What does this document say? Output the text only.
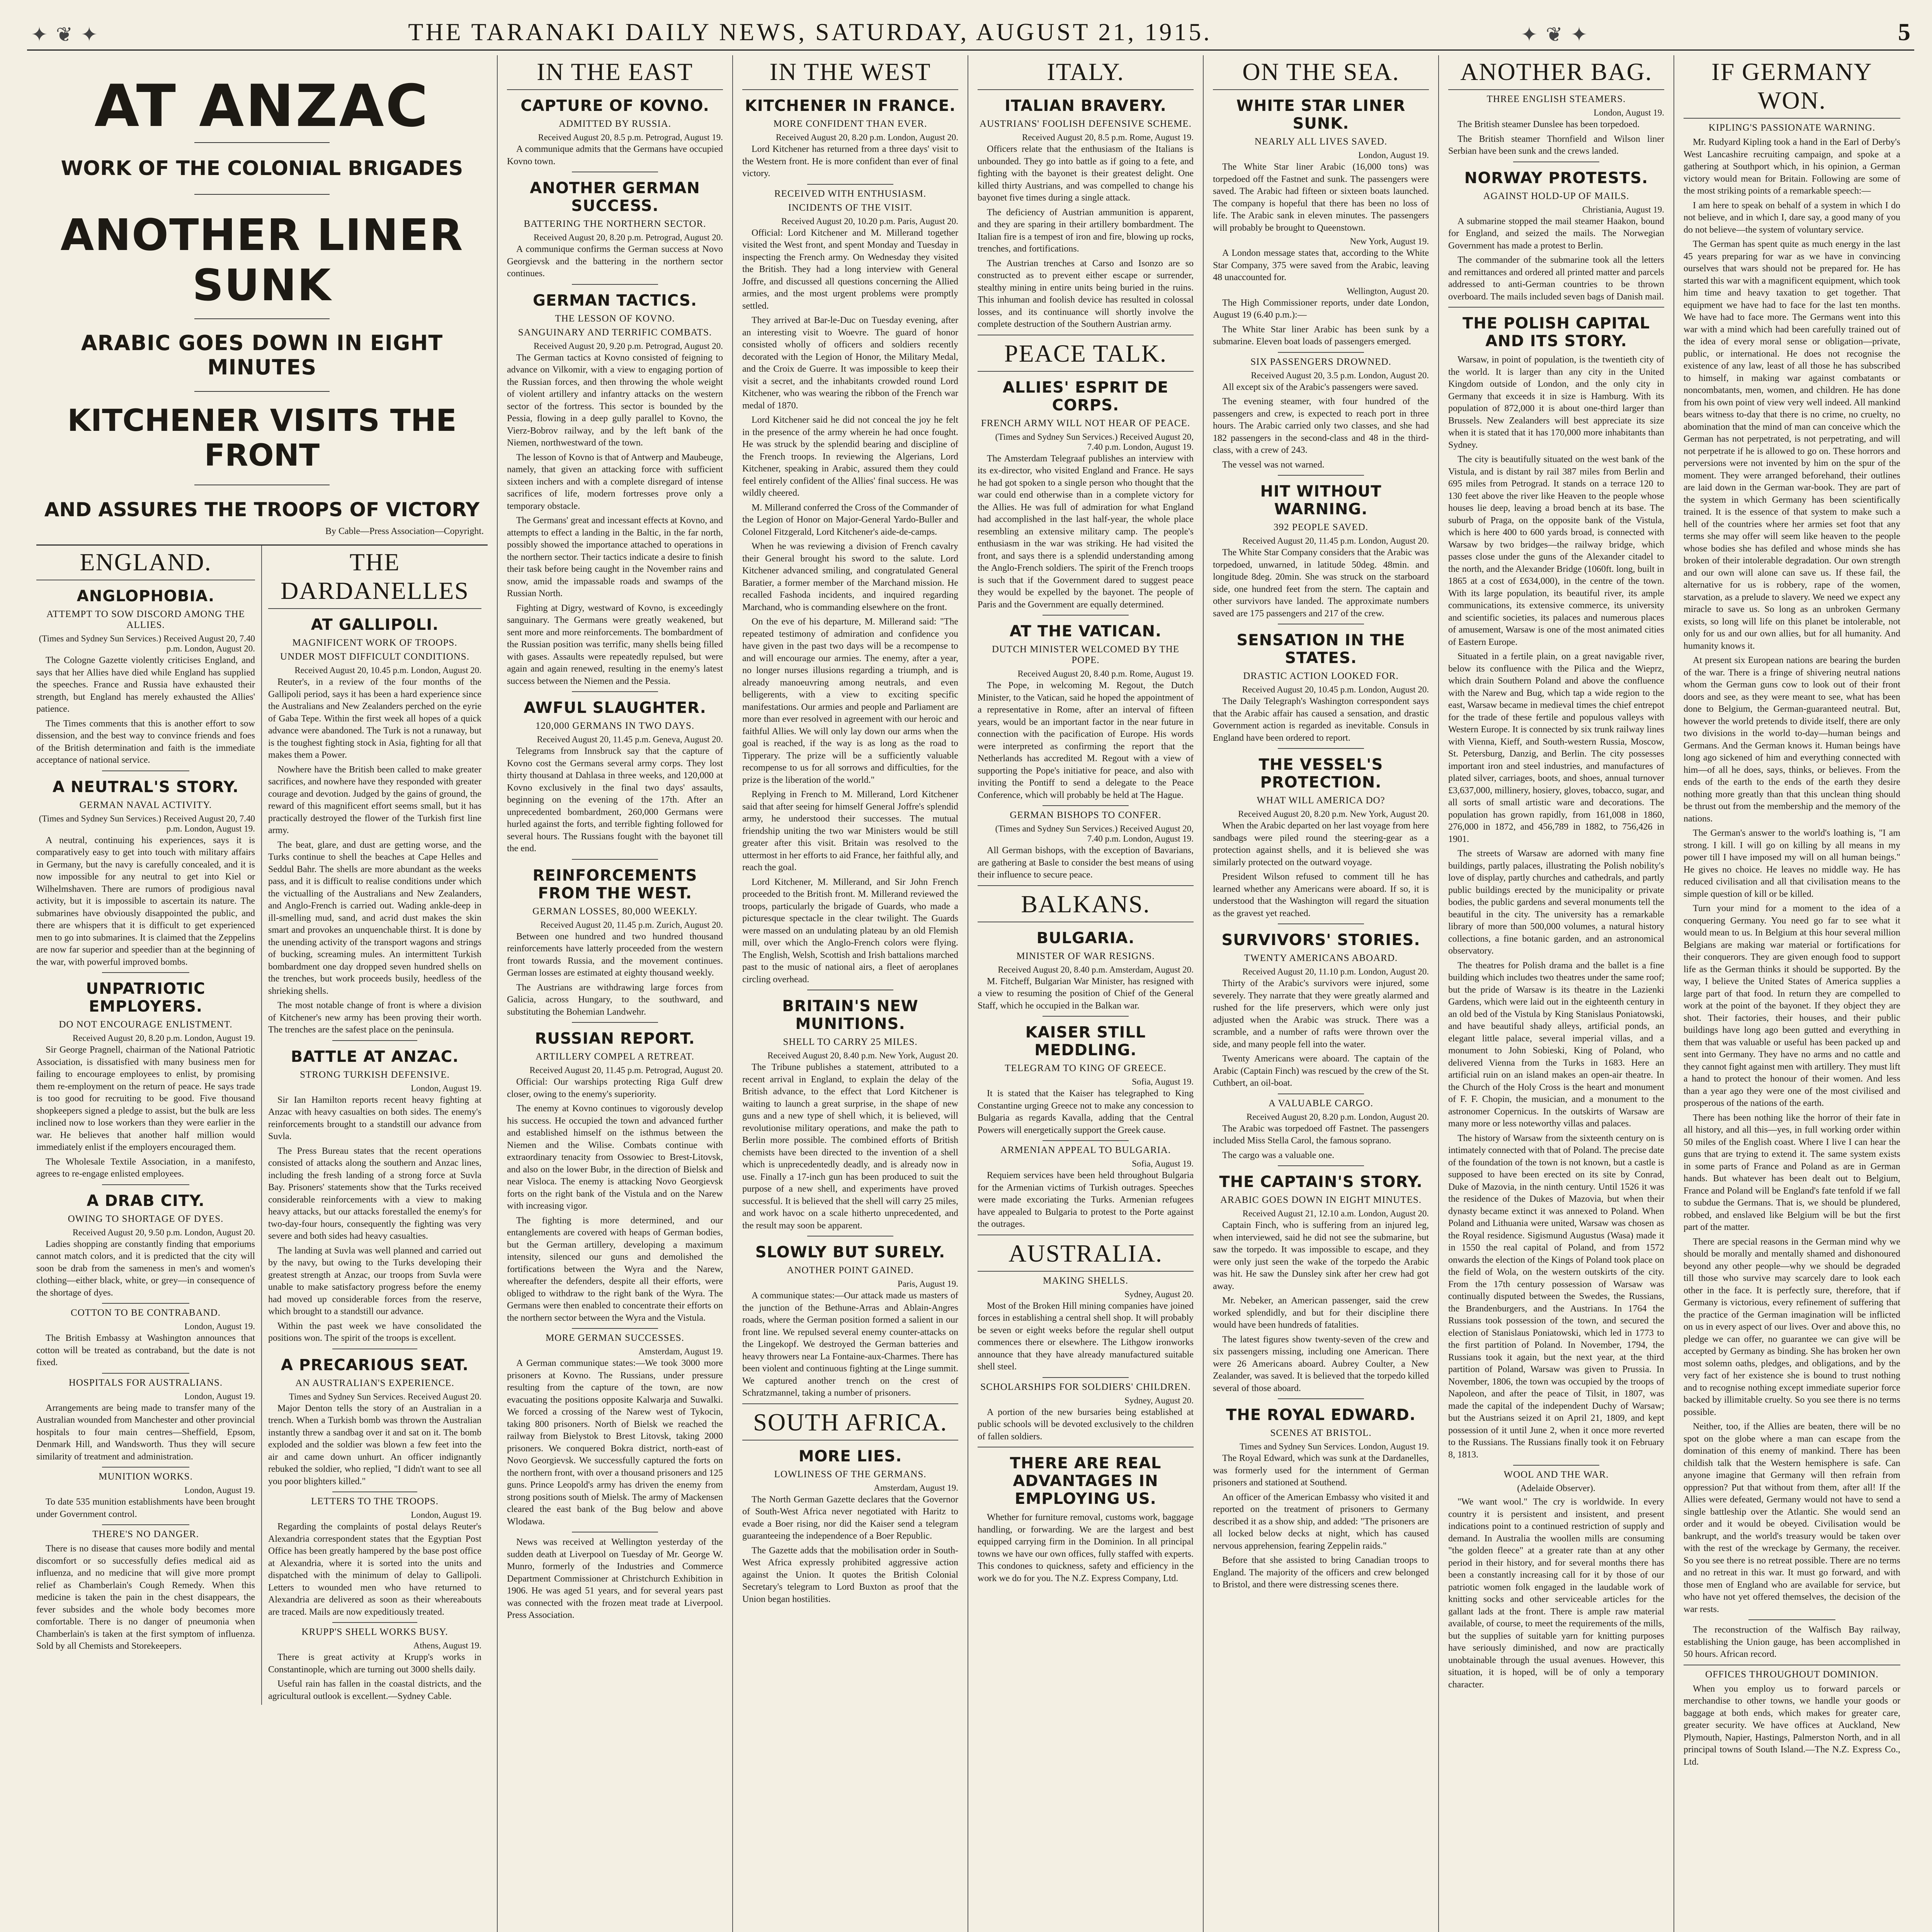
✦ ❦ ✦	THE TARANAKI DAILY NEWS, SATURDAY, AUGUST 21, 1915.	✦ ❦ ✦	5
AT ANZAC
WORK OF THE COLONIAL BRIGADES
ANOTHER LINER SUNK
ARABIC GOES DOWN IN EIGHT MINUTES
KITCHENER VISITS THE FRONT
AND ASSURES THE TROOPS OF VICTORY
By Cable—Press Association—Copyright.
ENGLAND.
ANGLOPHOBIA.
ATTEMPT TO SOW DISCORD AMONG THE ALLIES.
(Times and Sydney Sun Services.) Received August 20, 7.40 p.m. London, August 20.

The Cologne Gazette violently criticises England, and says that her Allies have died while England has supplied the speeches. France and Russia have exhausted their strength, but England has merely exhausted the Allies' patience.

The Times comments that this is another effort to sow dissension, and the best way to convince friends and foes of the British determination and faith is the immediate acceptance of national service.

A NEUTRAL'S STORY.
GERMAN NAVAL ACTIVITY.
(Times and Sydney Sun Services.) Received August 20, 7.40 p.m. London, August 19.

A neutral, continuing his experiences, says it is comparatively easy to get into touch with military affairs in Germany, but the navy is carefully concealed, and it is now impossible for any neutral to get into Kiel or Wilhelmshaven. There are rumors of prodigious naval activity, but it is impossible to ascertain its nature. The submarines have obviously disappointed the public, and there are whispers that it is difficult to get experienced men to go into submarines. It is claimed that the Zeppelins are now far superior and speedier than at the beginning of the war, with powerful improved bombs.

UNPATRIOTIC EMPLOYERS.
DO NOT ENCOURAGE ENLISTMENT.
Received August 20, 8.20 p.m. London, August 19.

Sir George Pragnell, chairman of the National Patriotic Association, is dissatisfied with many business men for failing to encourage employees to enlist, by promising them re-employment on the return of peace. He says trade is too good for recruiting to be good. Five thousand shopkeepers signed a pledge to assist, but the bulk are less inclined now to lose workers than they were earlier in the war. He believes that another half million would immediately enlist if the employers encouraged them.

The Wholesale Textile Association, in a manifesto, agrees to re-engage enlisted employees.

A DRAB CITY.
OWING TO SHORTAGE OF DYES.
Received August 20, 9.50 p.m. London, August 20.

Ladies shopping are constantly finding that emporiums cannot match colors, and it is predicted that the city will soon be drab from the sameness in men's and women's clothing—either black, white, or grey—in consequence of the shortage of dyes.

COTTON TO BE CONTRABAND.
London, August 19.

The British Embassy at Washington announces that cotton will be treated as contraband, but the date is not fixed.

HOSPITALS FOR AUSTRALIANS.
London, August 19.

Arrangements are being made to transfer many of the Australian wounded from Manchester and other provincial hospitals to four main centres—Sheffield, Epsom, Denmark Hill, and Wandsworth. Thus they will secure similarity of treatment and administration.

MUNITION WORKS.
London, August 19.

To date 535 munition establishments have been brought under Government control.

THERE'S NO DANGER.

There is no disease that causes more bodily and mental discomfort or so successfully defies medical aid as influenza, and no medicine that will give more prompt relief as Chamberlain's Cough Remedy. When this medicine is taken the pain in the chest disappears, the fever subsides and the whole body becomes more comfortable. There is no danger of pneumonia when Chamberlain's is taken at the first symptom of influenza. Sold by all Chemists and Storekeepers.

THE DARDANELLES
AT GALLIPOLI.
MAGNIFICENT WORK OF TROOPS.
UNDER MOST DIFFICULT CONDITIONS.
Received August 20, 10.45 p.m. London, August 20.

Reuter's, in a review of the four months of the Gallipoli period, says it has been a hard experience since the Australians and New Zealanders perched on the eyrie of Gaba Tepe. Within the first week all hopes of a quick advance were abandoned. The Turk is not a runaway, but is the toughest fighting stock in Asia, fighting for all that makes them a Power.

Nowhere have the British been called to make greater sacrifices, and nowhere have they responded with greater courage and devotion. Judged by the gains of ground, the reward of this magnificent effort seems small, but it has practically destroyed the flower of the Turkish first line army.

The beat, glare, and dust are getting worse, and the Turks continue to shell the beaches at Cape Helles and Seddul Bahr. The shells are more abundant as the weeks pass, and it is difficult to realise conditions under which the victualling of the Australians and New Zealanders, and Anglo-French is carried out. Wading ankle-deep in ill-smelling mud, sand, and acrid dust makes the skin smart and provokes an unquenchable thirst. It is done by the unending activity of the transport wagons and strings of bucking, screaming mules. An intermittent Turkish bombardment one day dropped seven hundred shells on the trenches, but work proceeds busily, heedless of the shrieking shells.

The most notable change of front is where a division of Kitchener's new army has been proving their worth. The trenches are the safest place on the peninsula.

BATTLE AT ANZAC.
STRONG TURKISH DEFENSIVE.
London, August 19.

Sir Ian Hamilton reports recent heavy fighting at Anzac with heavy casualties on both sides. The enemy's reinforcements brought to a standstill our advance from Suvla.

The Press Bureau states that the recent operations consisted of attacks along the southern and Anzac lines, including the fresh landing of a strong force at Suvla Bay. Prisoners' statements show that the Turks received considerable reinforcements with a view to making heavy attacks, but our attacks forestalled the enemy's for two-day-four hours, consequently the fighting was very severe and both sides had heavy casualties.

The landing at Suvla was well planned and carried out by the navy, but owing to the Turks developing their greatest strength at Anzac, our troops from Suvla were unable to make satisfactory progress before the enemy had moved up considerable forces from the reserve, which brought to a standstill our advance.

Within the past week we have consolidated the positions won. The spirit of the troops is excellent.

A PRECARIOUS SEAT.
AN AUSTRALIAN'S EXPERIENCE.
Times and Sydney Sun Services. Received August 20.

Major Denton tells the story of an Australian in a trench. When a Turkish bomb was thrown the Australian instantly threw a sandbag over it and sat on it. The bomb exploded and the soldier was blown a few feet into the air and came down unhurt. An officer indignantly rebuked the soldier, who replied, "I didn't want to see all you poor blighters killed."

LETTERS TO THE TROOPS.
London, August 19.

Regarding the complaints of postal delays Reuter's Alexandria correspondent states that the Egyptian Post Office has been greatly hampered by the base post office at Alexandria, where it is sorted into the units and dispatched with the minimum of delay to Gallipoli. Letters to wounded men who have returned to Alexandria are delivered as soon as their whereabouts are traced. Mails are now expeditiously treated.

KRUPP'S SHELL WORKS BUSY.
Athens, August 19.

There is great activity at Krupp's works in Constantinople, which are turning out 3000 shells daily.

Useful rain has fallen in the coastal districts, and the agricultural outlook is excellent.—Sydney Cable.

IN THE EAST
CAPTURE OF KOVNO.
ADMITTED BY RUSSIA.
Received August 20, 8.5 p.m. Petrograd, August 19.

A communique admits that the Germans have occupied Kovno town.

ANOTHER GERMAN SUCCESS.
BATTERING THE NORTHERN SECTOR.
Received August 20, 8.20 p.m. Petrograd, August 20.

A communique confirms the German success at Novo Georgievsk and the battering in the northern sector continues.

GERMAN TACTICS.
THE LESSON OF KOVNO.
SANGUINARY AND TERRIFIC COMBATS.
Received August 20, 9.20 p.m. Petrograd, August 20.

The German tactics at Kovno consisted of feigning to advance on Vilkomir, with a view to engaging portion of the Russian forces, and then throwing the whole weight of violent artillery and infantry attacks on the western sector of the fortress. This sector is bounded by the Pessia, flowing in a deep gully parallel to Kovno, the Vierz-Bobrov railway, and by the left bank of the Niemen, northwestward of the town.

The lesson of Kovno is that of Antwerp and Maubeuge, namely, that given an attacking force with sufficient sixteen inchers and with a complete disregard of intense sacrifices of life, modern fortresses prove only a temporary obstacle.

The Germans' great and incessant effects at Kovno, and attempts to effect a landing in the Baltic, in the far north, possibly showed the importance attached to operations in the northern sector. Their tactics indicate a desire to finish their task before being caught in the November rains and snow, amid the impassable roads and swamps of the Russian North.

Fighting at Digry, westward of Kovno, is exceedingly sanguinary. The Germans were greatly weakened, but sent more and more reinforcements. The bombardment of the Russian position was terrific, many shells being filled with gases. Assaults were repeatedly repulsed, but were again and again renewed, resulting in the enemy's latest success between the Niemen and the Pessia.

AWFUL SLAUGHTER.
120,000 GERMANS IN TWO DAYS.
Received August 20, 11.45 p.m. Geneva, August 20.

Telegrams from Innsbruck say that the capture of Kovno cost the Germans several army corps. They lost thirty thousand at Dahlasa in three weeks, and 120,000 at Kovno exclusively in the final two days' assaults, beginning on the evening of the 17th. After an unprecedented bombardment, 260,000 Germans were hurled against the forts, and terrible fighting followed for several hours. The Russians fought with the bayonet till the end.

REINFORCEMENTS FROM THE WEST.
GERMAN LOSSES, 80,000 WEEKLY.
Received August 20, 11.45 p.m. Zurich, August 20.

Between one hundred and two hundred thousand reinforcements have latterly proceeded from the western front towards Russia, and the movement continues. German losses are estimated at eighty thousand weekly.

The Austrians are withdrawing large forces from Galicia, across Hungary, to the southward, and substituting the Bohemian Landwehr.

RUSSIAN REPORT.
ARTILLERY COMPEL A RETREAT.
Received August 20, 11.45 p.m. Petrograd, August 20.

Official: Our warships protecting Riga Gulf drew closer, owing to the enemy's superiority.

The enemy at Kovno continues to vigorously develop his success. He occupied the town and advanced further and established himself on the isthmus between the Niemen and the Wilise. Combats continue with extraordinary tenacity from Ossowiec to Brest-Litovsk, and also on the lower Bubr, in the direction of Bielsk and near Visloca. The enemy is attacking Novo Georgievsk forts on the right bank of the Vistula and on the Narew with increasing vigor.

The fighting is more determined, and our entanglements are covered with heaps of German bodies, but the German artillery, developing a maximum intensity, silenced our guns and demolished the fortifications between the Wyra and the Narew, whereafter the defenders, despite all their efforts, were obliged to withdraw to the right bank of the Wyra. The Germans were then enabled to concentrate their efforts on the northern sector between the Wyra and the Vistula.

MORE GERMAN SUCCESSES.
Amsterdam, August 19.

A German communique states:—We took 3000 more prisoners at Kovno. The Russians, under pressure resulting from the capture of the town, are now evacuating the positions opposite Kalwarja and Suwalki. We forced a crossing of the Narew west of Tykocin, taking 800 prisoners. North of Bielsk we reached the railway from Bielystok to Brest Litovsk, taking 2000 prisoners. We conquered Bokra district, north-east of Novo Georgievsk. We successfully captured the forts on the northern front, with over a thousand prisoners and 125 guns. Prince Leopold's army has driven the enemy from strong positions south of Mielsk. The army of Mackensen cleared the east bank of the Bug below and above Wlodawa.

News was received at Wellington yesterday of the sudden death at Liverpool on Tuesday of Mr. George W. Munro, formerly of the Industries and Commerce Department Commissioner at Christchurch Exhibition in 1906. He was aged 51 years, and for several years past was connected with the frozen meat trade at Liverpool. Press Association.

IN THE WEST
KITCHENER IN FRANCE.
MORE CONFIDENT THAN EVER.
Received August 20, 8.20 p.m. London, August 20.

Lord Kitchener has returned from a three days' visit to the Western front. He is more confident than ever of final victory.

RECEIVED WITH ENTHUSIASM.
INCIDENTS OF THE VISIT.
Received August 20, 10.20 p.m. Paris, August 20.

Official: Lord Kitchener and M. Millerand together visited the West front, and spent Monday and Tuesday in inspecting the French army. On Wednesday they visited the British. They had a long interview with General Joffre, and discussed all questions concerning the Allied armies, and the most urgent problems were promptly settled.

They arrived at Bar-le-Duc on Tuesday evening, after an interesting visit to Woevre. The guard of honor consisted wholly of officers and soldiers recently decorated with the Legion of Honor, the Military Medal, and the Croix de Guerre. It was impossible to keep their visit a secret, and the inhabitants crowded round Lord Kitchener, who was wearing the ribbon of the French war medal of 1870.

Lord Kitchener said he did not conceal the joy he felt in the presence of the army wherein he had once fought. He was struck by the splendid bearing and discipline of the French troops. In reviewing the Algerians, Lord Kitchener, speaking in Arabic, assured them they could feel entirely confident of the Allies' final success. He was wildly cheered.

M. Millerand conferred the Cross of the Commander of the Legion of Honor on Major-General Yardo-Buller and Colonel Fitzgerald, Lord Kitchener's aide-de-camps.

When he was reviewing a division of French cavalry their General brought his sword to the salute. Lord Kitchener advanced smiling, and congratulated General Baratier, a former member of the Marchand mission. He recalled Fashoda incidents, and inquired regarding Marchand, who is commanding elsewhere on the front.

On the eve of his departure, M. Millerand said: "The repeated testimony of admiration and confidence you have given in the past two days will be a recompense to and will encourage our armies. The enemy, after a year, no longer nurses illusions regarding a triumph, and is already manoeuvring among neutrals, and even belligerents, with a view to exciting specific manifestations. Our armies and people and Parliament are more than ever resolved in agreement with our heroic and faithful Allies. We will only lay down our arms when the goal is reached, if the way is as long as the road to Tipperary. The prize will be a sufficiently valuable recompense to us for all sorrows and difficulties, for the prize is the liberation of the world."

Replying in French to M. Millerand, Lord Kitchener said that after seeing for himself General Joffre's splendid army, he understood their successes. The mutual friendship uniting the two war Ministers would be still greater after this visit. Britain was resolved to the uttermost in her efforts to aid France, her faithful ally, and reach the goal.

Lord Kitchener, M. Millerand, and Sir John French proceeded to the British front. M. Millerand reviewed the troops, particularly the brigade of Guards, who made a picturesque spectacle in the clear twilight. The Guards were massed on an undulating plateau by an old Flemish mill, over which the Anglo-French colors were flying. The English, Welsh, Scottish and Irish battalions marched past to the music of national airs, a fleet of aeroplanes circling overhead.

BRITAIN'S NEW MUNITIONS.
SHELL TO CARRY 25 MILES.
Received August 20, 8.40 p.m. New York, August 20.

The Tribune publishes a statement, attributed to a recent arrival in England, to explain the delay of the British advance, to the effect that Lord Kitchener is waiting to launch a great surprise, in the shape of new guns and a new type of shell which, it is believed, will revolutionise military operations, and make the path to Berlin more possible. The combined efforts of British chemists have been directed to the invention of a shell which is unprecedentedly deadly, and is already now in use. Finally a 17-inch gun has been produced to suit the purpose of a new shell, and experiments have proved successful. It is believed that the shell will carry 25 miles, and work havoc on a scale hitherto unprecedented, and the result may soon be apparent.

SLOWLY BUT SURELY.
ANOTHER POINT GAINED.
Paris, August 19.

A communique states:—Our attack made us masters of the junction of the Bethune-Arras and Ablain-Angres roads, where the German position formed a salient in our front line. We repulsed several enemy counter-attacks on the Lingekopf. We destroyed the German batteries and heavy throwers near La Fontaine-aux-Charmes. There has been violent and continuous fighting at the Linge summit. We captured another trench on the crest of Schratzmannel, taking a number of prisoners.

SOUTH AFRICA.
MORE LIES.
LOWLINESS OF THE GERMANS.
Amsterdam, August 19.

The North German Gazette declares that the Governor of South-West Africa never negotiated with Haritz to evade a Boer rising, nor did the Kaiser send a telegram guaranteeing the independence of a Boer Republic.

The Gazette adds that the mobilisation order in South-West Africa expressly prohibited aggressive action against the Union. It quotes the British Colonial Secretary's telegram to Lord Buxton as proof that the Union began hostilities.

ITALY.
ITALIAN BRAVERY.
AUSTRIANS' FOOLISH DEFENSIVE SCHEME.
Received August 20, 8.5 p.m. Rome, August 19.

Officers relate that the enthusiasm of the Italians is unbounded. They go into battle as if going to a fete, and fighting with the bayonet is their greatest delight. One killed thirty Austrians, and was compelled to change his bayonet five times during a single attack.

The deficiency of Austrian ammunition is apparent, and they are sparing in their artillery bombardment. The Italian fire is a tempest of iron and fire, blowing up rocks, trenches, and fortifications.

The Austrian trenches at Carso and Isonzo are so constructed as to prevent either escape or surrender, stealthy mining in entire units being buried in the ruins. This inhuman and foolish device has resulted in colossal losses, and its continuance will shortly involve the complete destruction of the Southern Austrian army.

PEACE TALK.
ALLIES' ESPRIT DE CORPS.
FRENCH ARMY WILL NOT HEAR OF PEACE.
(Times and Sydney Sun Services.) Received August 20, 7.40 p.m. London, August 19.

The Amsterdam Telegraaf publishes an interview with its ex-director, who visited England and France. He says he had got spoken to a single person who thought that the war could end otherwise than in a complete victory for the Allies. He was full of admiration for what England had accomplished in the last half-year, the whole place resembling an extensive military camp. The people's enthusiasm in the war was striking. He had visited the front, and says there is a splendid understanding among the Anglo-French soldiers. The spirit of the French troops is such that if the Government dared to suggest peace they would be expelled by the bayonet. The people of Paris and the Government are equally determined.

AT THE VATICAN.
DUTCH MINISTER WELCOMED BY THE POPE.
Received August 20, 8.40 p.m. Rome, August 19.

The Pope, in welcoming M. Regout, the Dutch Minister, to the Vatican, said he hoped the appointment of a representative in Rome, after an interval of fifteen years, would be an important factor in the near future in connection with the pacification of Europe. His words were interpreted as confirming the report that the Netherlands has accredited M. Regout with a view of supporting the Pope's initiative for peace, and also with inviting the Pontiff to send a delegate to the Peace Conference, which will probably be held at The Hague.

GERMAN BISHOPS TO CONFER.
(Times and Sydney Sun Services.) Received August 20, 7.40 p.m. London, August 19.

All German bishops, with the exception of Bavarians, are gathering at Basle to consider the best means of using their influence to secure peace.

BALKANS.
BULGARIA.
MINISTER OF WAR RESIGNS.
Received August 20, 8.40 p.m. Amsterdam, August 20.

M. Fitcheff, Bulgarian War Minister, has resigned with a view to resuming the position of Chief of the General Staff, which he occupied in the Balkan war.

KAISER STILL MEDDLING.
TELEGRAM TO KING OF GREECE.
Sofia, August 19.

It is stated that the Kaiser has telegraphed to King Constantine urging Greece not to make any concession to Bulgaria as regards Kavalla, adding that the Central Powers will energetically support the Greek cause.

ARMENIAN APPEAL TO BULGARIA.
Sofia, August 19.

Requiem services have been held throughout Bulgaria for the Armenian victims of Turkish outrages. Speeches were made excoriating the Turks. Armenian refugees have appealed to Bulgaria to protest to the Porte against the outrages.

AUSTRALIA.
MAKING SHELLS.
Sydney, August 20.

Most of the Broken Hill mining companies have joined forces in establishing a central shell shop. It will probably be seven or eight weeks before the regular shell output commences there or elsewhere. The Lithgow ironworks announce that they have already manufactured suitable shell steel.

SCHOLARSHIPS FOR SOLDIERS' CHILDREN.
Sydney, August 20.

A portion of the new bursaries being established at public schools will be devoted exclusively to the children of fallen soldiers.

THERE ARE REAL ADVANTAGES IN EMPLOYING US.

Whether for furniture removal, customs work, baggage handling, or forwarding. We are the largest and best equipped carrying firm in the Dominion. In all principal towns we have our own offices, fully staffed with experts. This condones to quickness, safety and efficiency in the work we do for you. The N.Z. Express Company, Ltd.

ON THE SEA.
WHITE STAR LINER SUNK.
NEARLY ALL LIVES SAVED.
London, August 19.

The White Star liner Arabic (16,000 tons) was torpedoed off the Fastnet and sunk. The passengers were saved. The Arabic had fifteen or sixteen boats launched. The company is hopeful that there has been no loss of life. The Arabic sank in eleven minutes. The passengers will probably be brought to Queenstown.

New York, August 19.

A London message states that, according to the White Star Company, 375 were saved from the Arabic, leaving 48 unaccounted for.

Wellington, August 20.

The High Commissioner reports, under date London, August 19 (6.40 p.m.):—

The White Star liner Arabic has been sunk by a submarine. Eleven boat loads of passengers emerged.

SIX PASSENGERS DROWNED.
Received August 20, 3.5 p.m. London, August 20.

All except six of the Arabic's passengers were saved.

The evening steamer, with four hundred of the passengers and crew, is expected to reach port in three hours. The Arabic carried only two classes, and she had 182 passengers in the second-class and 48 in the third-class, with a crew of 243.

The vessel was not warned.

HIT WITHOUT WARNING.
392 PEOPLE SAVED.
Received August 20, 11.45 p.m. London, August 20.

The White Star Company considers that the Arabic was torpedoed, unwarned, in latitude 50deg. 48min. and longitude 8deg. 20min. She was struck on the starboard side, one hundred feet from the stern. The captain and other survivors have landed. The approximate numbers saved are 175 passengers and 217 of the crew.

SENSATION IN THE STATES.
DRASTIC ACTION LOOKED FOR.
Received August 20, 10.45 p.m. London, August 20.

The Daily Telegraph's Washington correspondent says that the Arabic affair has caused a sensation, and drastic Government action is regarded as inevitable. Consuls in England have been ordered to report.

THE VESSEL'S PROTECTION.
WHAT WILL AMERICA DO?
Received August 20, 8.20 p.m. New York, August 20.

When the Arabic departed on her last voyage from here sandbags were piled round the steering-gear as a protection against shells, and it is believed she was similarly protected on the outward voyage.

President Wilson refused to comment till he has learned whether any Americans were aboard. If so, it is understood that the Washington will regard the situation as the gravest yet reached.

SURVIVORS' STORIES.
TWENTY AMERICANS ABOARD.
Received August 20, 11.10 p.m. London, August 20.

Thirty of the Arabic's survivors were injured, some severely. They narrate that they were greatly alarmed and rushed for the life preservers, which were only just adjusted when the Arabic was struck. There was a scramble, and a number of rafts were thrown over the side, and many people fell into the water.

Twenty Americans were aboard. The captain of the Arabic (Captain Finch) was rescued by the crew of the St. Cuthbert, an oil-boat.

A VALUABLE CARGO.
Received August 20, 8.20 p.m. London, August 20.

The Arabic was torpedoed off Fastnet. The passengers included Miss Stella Carol, the famous soprano.

The cargo was a valuable one.

THE CAPTAIN'S STORY.
ARABIC GOES DOWN IN EIGHT MINUTES.
Received August 21, 12.10 a.m. London, August 20.

Captain Finch, who is suffering from an injured leg, when interviewed, said he did not see the submarine, but saw the torpedo. It was impossible to escape, and they were only just seen the wake of the torpedo the Arabic was hit. He saw the Dunsley sink after her crew had got away.

Mr. Nebeker, an American passenger, said the crew worked splendidly, and but for their discipline there would have been hundreds of fatalities.

The latest figures show twenty-seven of the crew and six passengers missing, including one American. There were 26 Americans aboard. Aubrey Coulter, a New Zealander, was saved. It is believed that the torpedo killed several of those aboard.

THE ROYAL EDWARD.
SCENES AT BRISTOL.
Times and Sydney Sun Services. London, August 19.

The Royal Edward, which was sunk at the Dardanelles, was formerly used for the internment of German prisoners and stationed at Southend.

An officer of the American Embassy who visited it and reported on the treatment of prisoners to Germany described it as a show ship, and added: "The prisoners are all locked below decks at night, which has caused nervous apprehension, fearing Zeppelin raids."

Before that she assisted to bring Canadian troops to England. The majority of the officers and crew belonged to Bristol, and there were distressing scenes there.

ANOTHER BAG.
THREE ENGLISH STEAMERS.
London, August 19.

The British steamer Dunslee has been torpedoed.

The British steamer Thornfield and Wilson liner Serbian have been sunk and the crews landed.

NORWAY PROTESTS.
AGAINST HOLD-UP OF MAILS.
Christiania, August 19.

A submarine stopped the mail steamer Haakon, bound for England, and seized the mails. The Norwegian Government has made a protest to Berlin.

The commander of the submarine took all the letters and remittances and ordered all printed matter and parcels addressed to anti-German countries to be thrown overboard. The mails included seven bags of Danish mail.

THE POLISH CAPITAL AND ITS STORY.

Warsaw, in point of population, is the twentieth city of the world. It is larger than any city in the United Kingdom outside of London, and the only city in Germany that exceeds it in size is Hamburg. With its population of 872,000 it is about one-third larger than Brussels. New Zealanders will best appreciate its size when it is stated that it has 170,000 more inhabitants than Sydney.

The city is beautifully situated on the west bank of the Vistula, and is distant by rail 387 miles from Berlin and 695 miles from Petrograd. It stands on a terrace 120 to 130 feet above the river like Heaven to the people whose houses lie deep, leaving a broad bench at its base. The suburb of Praga, on the opposite bank of the Vistula, which is here 400 to 600 yards broad, is connected with Warsaw by two bridges—the railway bridge, which passes close under the guns of the Alexander citadel to the north, and the Alexander Bridge (1060ft. long, built in 1865 at a cost of £634,000), in the centre of the town. With its large population, its beautiful river, its ample communications, its extensive commerce, its university and scientific societies, its palaces and numerous places of amusement, Warsaw is one of the most animated cities of Eastern Europe.

Situated in a fertile plain, on a great navigable river, below its confluence with the Pilica and the Wieprz, which drain Southern Poland and above the confluence with the Narew and Bug, which tap a wide region to the east, Warsaw became in medieval times the chief entrepot for the trade of these fertile and populous valleys with Western Europe. It is connected by six trunk railway lines with Vienna, Kieff, and South-western Russia, Moscow, St. Petersburg, Danzig, and Berlin. The city possesses important iron and steel industries, and manufactures of plated silver, carriages, boots, and shoes, annual turnover £3,637,000, millinery, hosiery, gloves, tobacco, sugar, and all sorts of small artistic ware and decorations. The population has grown rapidly, from 161,008 in 1860, 276,000 in 1872, and 456,789 in 1882, to 756,426 in 1901.

The streets of Warsaw are adorned with many fine buildings, partly palaces, illustrating the Polish nobility's love of display, partly churches and cathedrals, and partly public buildings erected by the municipality or private bodies, the public gardens and several monuments tell the beautiful in the city. The university has a remarkable library of more than 500,000 volumes, a natural history collections, a fine botanic garden, and an astronomical observatory.

The theatres for Polish drama and the ballet is a fine building which includes two theatres under the same roof; but the pride of Warsaw is its theatre in the Lazienki Gardens, which were laid out in the eighteenth century in an old bed of the Vistula by King Stanislaus Poniatowski, and have beautiful shady alleys, artificial ponds, an elegant little palace, several imperial villas, and a monument to John Sobieski, King of Poland, who delivered Vienna from the Turks in 1683. Here an artificial ruin on an island makes an open-air theatre. In the Church of the Holy Cross is the heart and monument of F. F. Chopin, the musician, and a monument to the astronomer Copernicus. In the outskirts of Warsaw are many more or less noteworthy villas and palaces.

The history of Warsaw from the sixteenth century on is intimately connected with that of Poland. The precise date of the foundation of the town is not known, but a castle is supposed to have been erected on its site by Conrad, Duke of Mazovia, in the ninth century. Until 1526 it was the residence of the Dukes of Mazovia, but when their dynasty became extinct it was annexed to Poland. When Poland and Lithuania were united, Warsaw was chosen as the Royal residence. Sigismund Augustus (Wasa) made it in 1550 the real capital of Poland, and from 1572 onwards the election of the Kings of Poland took place on the field of Wola, on the western outskirts of the city. From the 17th century possession of Warsaw was continually disputed between the Swedes, the Russians, the Brandenburgers, and the Austrians. In 1764 the Russians took possession of the town, and secured the election of Stanislaus Poniatowski, which led in 1773 to the first partition of Poland. In November, 1794, the Russians took it again, but the next year, at the third partition of Poland, Warsaw was given to Prussia. In November, 1806, the town was occupied by the troops of Napoleon, and after the peace of Tilsit, in 1807, was made the capital of the independent Duchy of Warsaw; but the Austrians seized it on April 21, 1809, and kept possession of it until June 2, when it once more reverted to the Russians. The Russians finally took it on February 8, 1813.

WOOL AND THE WAR.
(Adelaide Observer).

"We want wool." The cry is worldwide. In every country it is persistent and insistent, and present indications point to a continued restriction of supply and demand. In Australia the woollen mills are consuming "the golden fleece" at a greater rate than at any other period in their history, and for several months there has been a constantly increasing call for it by those of our patriotic women folk engaged in the laudable work of knitting socks and other serviceable articles for the gallant lads at the front. There is ample raw material available, of course, to meet the requirements of the mills, but the supplies of suitable yarn for knitting purposes have seriously diminished, and now are practically unobtainable through the usual avenues. However, this situation, it is hoped, will be of only a temporary character.

IF GERMANY WON.
KIPLING'S PASSIONATE WARNING.

Mr. Rudyard Kipling took a hand in the Earl of Derby's West Lancashire recruiting campaign, and spoke at a gathering at Southport which, in his opinion, a German victory would mean for Britain. Following are some of the most striking points of a remarkable speech:—

I am here to speak on behalf of a system in which I do not believe, and in which I, dare say, a good many of you do not believe—the system of voluntary service.

The German has spent quite as much energy in the last 45 years preparing for war as we have in convincing ourselves that wars should not be prepared for. He has started this war with a magnificent equipment, which took him time and heavy taxation to get together. That equipment we have had to face for the last ten months. We have had to face more. The Germans went into this war with a mind which had been carefully trained out of the idea of every moral sense or obligation—private, public, or international. He does not recognise the existence of any law, least of all those he has subscribed to himself, in making war against combatants or noncombatants, men, women, and children. He has done from his own point of view very well indeed. All mankind bears witness to-day that there is no crime, no cruelty, no abomination that the mind of man can conceive which the German has not perpetrated, is not perpetrating, and will not perpetrate if he is allowed to go on. These horrors and perversions were not invented by him on the spur of the moment. They were arranged beforehand, their outlines are laid down in the German war-book. They are part of the system in which Germany has been scientifically trained. It is the essence of that system to make such a hell of the countries where her armies set foot that any terms she may offer will seem like heaven to the people whose bodies she has defiled and whose minds she has broken of their intolerable degradation. Our own strength and our own will alone can save us. If these fail, the alternative for us is robbery, rape of the women, starvation, as a prelude to slavery. We need we expect any miracle to save us. So long as an unbroken Germany exists, so long will life on this planet be intolerable, not only for us and our own allies, but for all humanity. And humanity knows it.

At present six European nations are bearing the burden of the war. There is a fringe of shivering neutral nations whom the German guns cow to look out of their front doors and see, as they were meant to see, what has been done to Belgium, the German-guaranteed neutral. But, however the world pretends to divide itself, there are only two divisions in the world to-day—human beings and Germans. And the German knows it. Human beings have long ago sickened of him and everything connected with him—of all he does, says, thinks, or believes. From the ends of the earth to the ends of the earth they desire nothing more greatly than that this unclean thing should be thrust out from the membership and the memory of the nations.

The German's answer to the world's loathing is, "I am strong. I kill. I will go on killing by all means in my power till I have imposed my will on all human beings." He gives no choice. He leaves no middle way. He has reduced civilisation and all that civilisation means to the simple question of kill or be killed.

Turn your mind for a moment to the idea of a conquering Germany. You need go far to see what it would mean to us. In Belgium at this hour several million Belgians are making war material or fortifications for their conquerors. They are given enough food to support life as the German thinks it should be supported. By the way, I believe the United States of America supplies a large part of that food. In return they are compelled to work at the point of the bayonet. If they object they are shot. Their factories, their houses, and their public buildings have long ago been gutted and everything in them that was valuable or useful has been packed up and sent into Germany. They have no arms and no cattle and they cannot fight against men with artillery. They must lift a hand to protect the honour of their women. And less than a year ago they were one of the most civilised and prosperous of the nations of the earth.

There has been nothing like the horror of their fate in all history, and all this—yes, in full working order within 50 miles of the English coast. Where I live I can hear the guns that are trying to extend it. The same system exists in some parts of France and Poland as are in German hands. But whatever has been dealt out to Belgium, France and Poland will be England's fate tenfold if we fall to subdue the Germans. That is, we should be plundered, robbed, and enslaved like Belgium will be but the first part of the matter.

There are special reasons in the German mind why we should be morally and mentally shamed and dishonoured beyond any other people—why we should be degraded till those who survive may scarcely dare to look each other in the face. It is perfectly sure, therefore, that if Germany is victorious, every refinement of suffering that the practice of the German imagination will be inflicted on us in every aspect of our lives. Over and above this, no pledge we can offer, no guarantee we can give will be accepted by Germany as binding. She has broken her own most solemn oaths, pledges, and obligations, and by the very fact of her existence she is bound to trust nothing and to recognise nothing except immediate superior force backed by illimitable cruelty. So you see there is no terms possible.

Neither, too, if the Allies are beaten, there will be no spot on the globe where a man can escape from the domination of this enemy of mankind. There has been childish talk that the Western hemisphere is safe. Can anyone imagine that Germany will then refrain from oppression? Put that without from them, after all! If the Allies were defeated, Germany would not have to send a single battleship over the Atlantic. She would send an order and it would be obeyed. Civilisation would be bankrupt, and the world's treasury would be taken over with the rest of the wreckage by Germany, the receiver. So you see there is no retreat possible. There are no terms and no retreat in this war. It must go forward, and with those men of England who are available for service, but who have not yet offered themselves, the decision of the war rests.

The reconstruction of the Walfisch Bay railway, establishing the Union gauge, has been accomplished in 50 hours. African record.

OFFICES THROUGHOUT DOMINION.

When you employ us to forward parcels or merchandise to other towns, we handle your goods or baggage at both ends, which makes for greater care, greater security. We have offices at Auckland, New Plymouth, Napier, Hastings, Palmerston North, and in all principal towns of South Island.—The N.Z. Express Co., Ltd.
